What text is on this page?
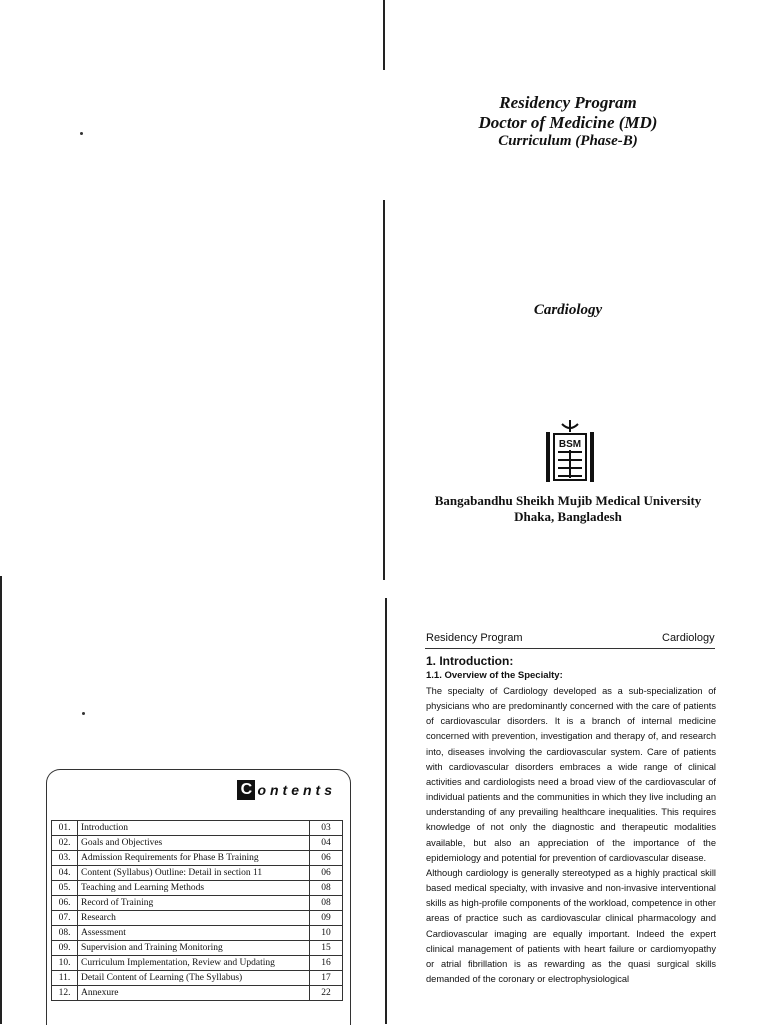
Residency Program
Doctor of Medicine (MD)
Curriculum (Phase-B)
Cardiology
BSM
Bangabandhu Sheikh Mujib Medical University
Dhaka, Bangladesh
C ontents
01.	Introduction	03
02.	Goals and Objectives	04
03.	Admission Requirements for Phase B Training	06
04.	Content (Syllabus) Outline: Detail in section 11	06
05.	Teaching and Learning Methods	08
06.	Record of Training	08
07.	Research	09
08.	Assessment	10
09.	Supervision and Training Monitoring	15
10.	Curriculum Implementation, Review and Updating	16
11.	Detail Content of Learning (The Syllabus)	17
12.	Annexure	22
Residency Program	Cardiology
1. Introduction:
1.1. Overview of the Specialty:

The specialty of Cardiology developed as a sub-specialization of physicians who are predominantly concerned with the care of patients of cardiovascular disorders. It is a branch of internal medicine concerned with prevention, investigation and therapy of, and research into, diseases involving the cardiovascular system. Care of patients with cardiovascular disorders embraces a wide range of clinical activities and cardiologists need a broad view of the cardiovascular of individual patients and the communities in which they live including an understanding of any prevailing healthcare inequalities. This requires knowledge of not only the diagnostic and therapeutic modalities available, but also an appreciation of the importance of the epidemiology and potential for prevention of cardiovascular disease.

Although cardiology is generally stereotyped as a highly practical skill based medical specialty, with invasive and non-invasive interventional skills as high-profile components of the workload, competence in other areas of practice such as cardiovascular clinical pharmacology and Cardiovascular imaging are equally important. Indeed the expert clinical management of patients with heart failure or cardiomyopathy or atrial fibrillation is as rewarding as the quasi surgical skills demanded of the coronary or electrophysiological
